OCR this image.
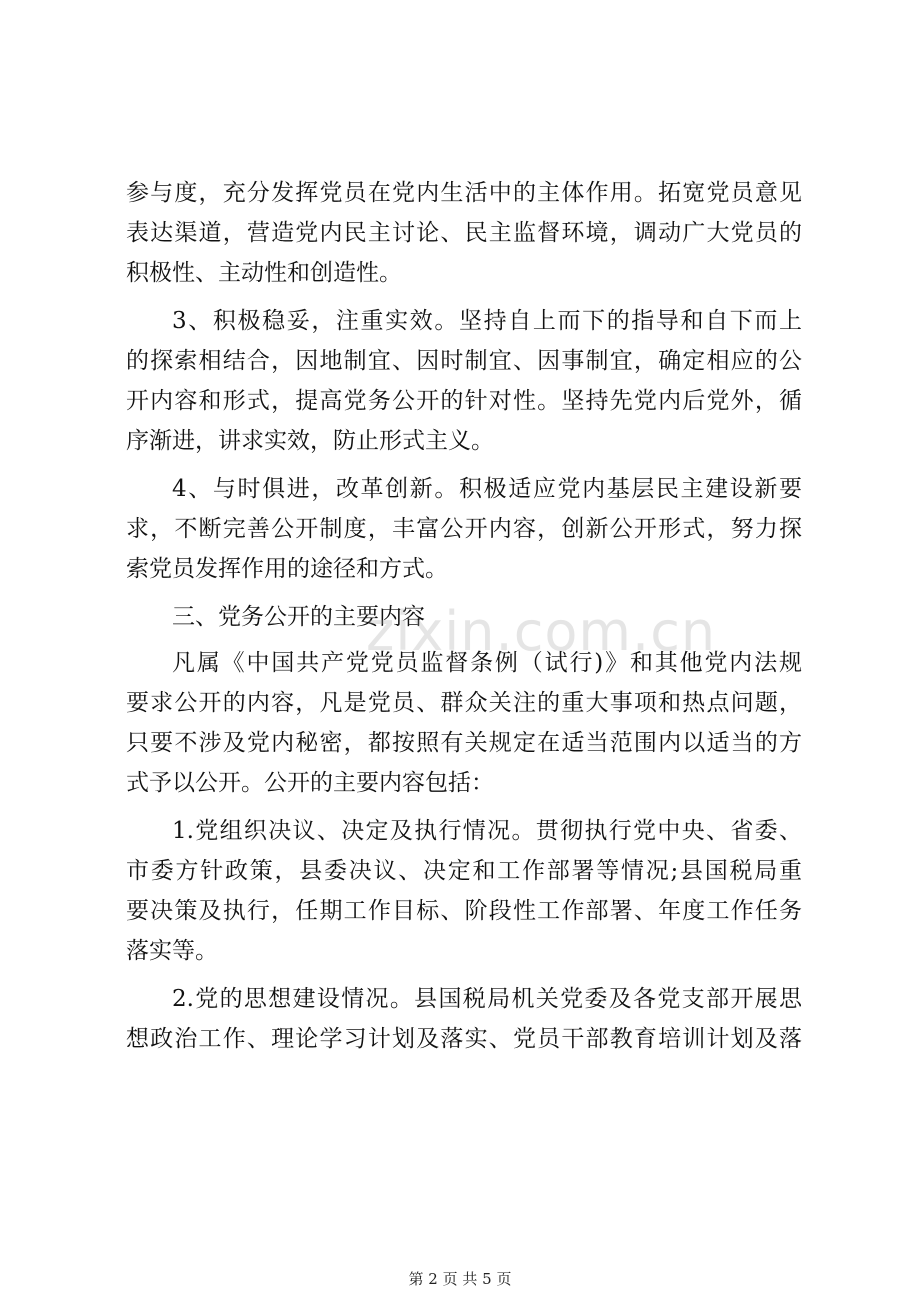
参与度，充分发挥党员在党内生活中的主体作用。拓宽党员意见
表达渠道，营造党内民主讨论、民主监督环境，调动广大党员的
积极性、主动性和创造性。
3、积极稳妥，注重实效。坚持自上而下的指导和自下而上
的探索相结合，因地制宜、因时制宜、因事制宜，确定相应的公
开内容和形式，提高党务公开的针对性。坚持先党内后党外，循
序渐进，讲求实效，防止形式主义。
4、与时俱进，改革创新。积极适应党内基层民主建设新要
求，不断完善公开制度，丰富公开内容，创新公开形式，努力探
索党员发挥作用的途径和方式。
三、党务公开的主要内容
凡属《中国共产党党员监督条例（试行)》和其他党内法规
要求公开的内容，凡是党员、群众关注的重大事项和热点问题，
只要不涉及党内秘密，都按照有关规定在适当范围内以适当的方
式予以公开。公开的主要内容包括：
1.党组织决议、决定及执行情况。贯彻执行党中央、省委、
市委方针政策，县委决议、决定和工作部署等情况;县国税局重
要决策及执行，任期工作目标、阶段性工作部署、年度工作任务
落实等。
2.党的思想建设情况。县国税局机关党委及各党支部开展思
想政治工作、理论学习计划及落实、党员干部教育培训计划及落
zixin.com.cn
第 2 页 共 5 页
